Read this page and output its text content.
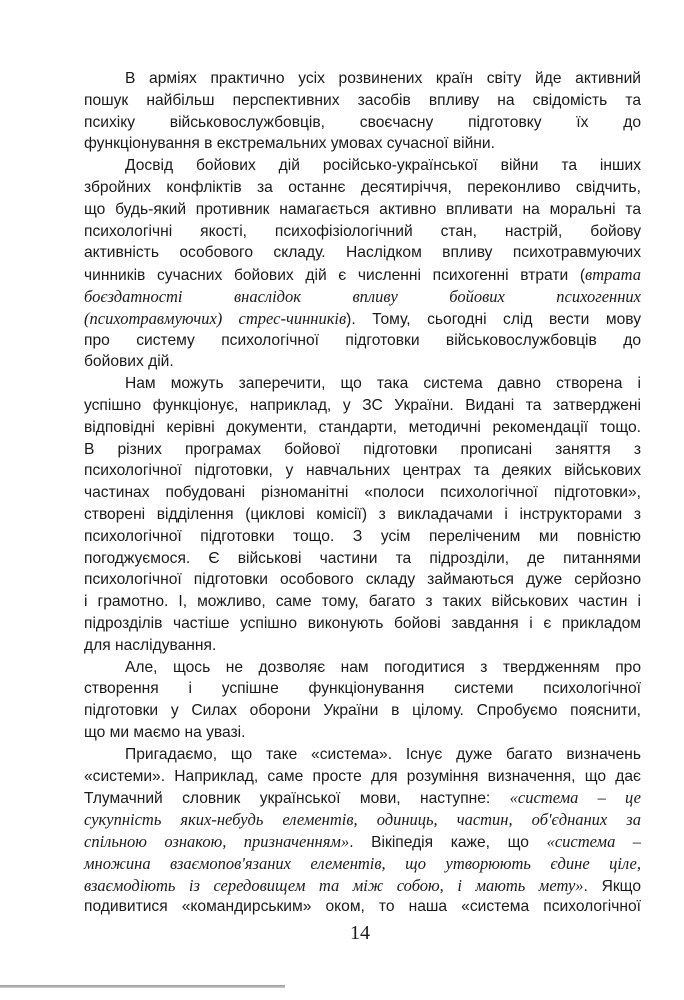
В арміях практично усіх розвинених країн світу йде активний
пошук найбільш перспективних засобів впливу на свідомість та
психіку військовослужбовців, своєчасну підготовку їх до
функціонування в екстремальних умовах сучасної війни.
Досвід бойових дій російсько-української війни та інших
збройних конфліктів за останнє десятиріччя, переконливо свідчить,
що будь-який противник намагається активно впливати на моральні та
психологічні якості, психофізіологічний стан, настрій, бойову
активність особового складу. Наслідком впливу психотравмуючих
чинників сучасних бойових дій є численні психогенні втрати (втрата
боєздатності внаслідок впливу бойових психогенних
(психотравмуючих) стрес-чинників). Тому, сьогодні слід вести мову
про систему психологічної підготовки військовослужбовців до
бойових дій.
Нам можуть заперечити, що така система давно створена і
успішно функціонує, наприклад, у ЗС України. Видані та затверджені
відповідні керівні документи, стандарти, методичні рекомендації тощо.
В різних програмах бойової підготовки прописані заняття з
психологічної підготовки, у навчальних центрах та деяких військових
частинах побудовані різноманітні «полоси психологічної підготовки»,
створені відділення (циклові комісії) з викладачами і інструкторами з
психологічної підготовки тощо. З усім переліченим ми повністю
погоджуємося. Є військові частини та підрозділи, де питаннями
психологічної підготовки особового складу займаються дуже серйозно
і грамотно. І, можливо, саме тому, багато з таких військових частин і
підрозділів частіше успішно виконують бойові завдання і є прикладом
для наслідування.
Але, щось не дозволяє нам погодитися з твердженням про
створення і успішне функціонування системи психологічної
підготовки у Силах оборони України в цілому. Спробуємо пояснити,
що ми маємо на увазі.
Пригадаємо, що таке «система». Існує дуже багато визначень
«системи». Наприклад, саме просте для розуміння визначення, що дає
Тлумачний словник української мови, наступне: «система – це
сукупність яких-небудь елементів, одиниць, частин, об'єднаних за
спільною ознакою, призначенням». Вікіпедія каже, що «система –
множина взаємопов'язаних елементів, що утворюють єдине ціле,
взаємодіють із середовищем та між собою, і мають мету». Якщо
подивитися «командирським» оком, то наша «система психологічної
14
